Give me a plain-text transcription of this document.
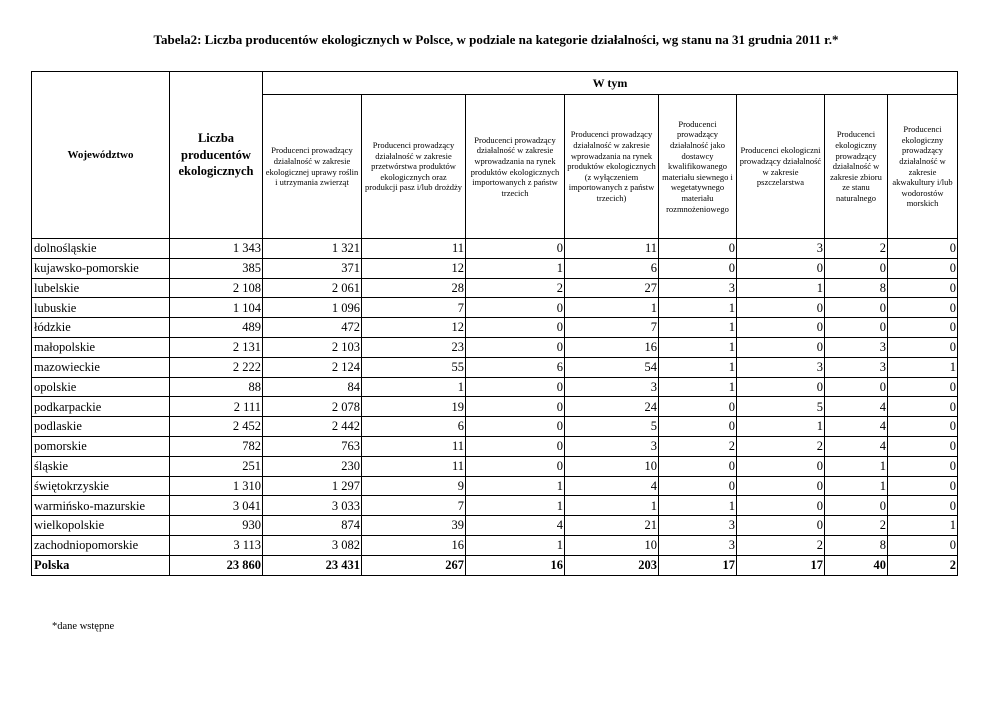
Tabela2: Liczba producentów ekologicznych w Polsce, w podziale na kategorie działalności, wg stanu na 31 grudnia 2011 r.*
Województwo	Liczba producentów ekologicznych	W tym							
		Producenci prowadzący działalność w zakresie ekologicznej uprawy roślin i utrzymania zwierząt	Producenci prowadzący działalność w zakresie przetwórstwa produktów ekologicznych oraz produkcji pasz i/lub drożdży	Producenci prowadzący działalność w zakresie wprowadzania na rynek produktów ekologicznych importowanych z państw trzecich	Producenci prowadzący działalność w zakresie wprowadzania na rynek produktów ekologicznych (z wyłączeniem importowanych z państw trzecich)	Producenci prowadzący działalność jako dostawcy kwalifikowanego materiału siewnego i wegetatywnego materiału rozmnożeniowego	Producenci ekologiczni prowadzący działalność w zakresie pszczelarstwa	Producenci ekologiczny prowadzący działalność w zakresie zbioru ze stanu naturalnego	Producenci ekologiczny prowadzący działalność w zakresie akwakultury i/lub wodorostów morskich
dolnośląskie	1 343	1 321	11	0	11	0	3	2	0
kujawsko-pomorskie	385	371	12	1	6	0	0	0	0
lubelskie	2 108	2 061	28	2	27	3	1	8	0
lubuskie	1 104	1 096	7	0	1	1	0	0	0
łódzkie	489	472	12	0	7	1	0	0	0
małopolskie	2 131	2 103	23	0	16	1	0	3	0
mazowieckie	2 222	2 124	55	6	54	1	3	3	1
opolskie	88	84	1	0	3	1	0	0	0
podkarpackie	2 111	2 078	19	0	24	0	5	4	0
podlaskie	2 452	2 442	6	0	5	0	1	4	0
pomorskie	782	763	11	0	3	2	2	4	0
śląskie	251	230	11	0	10	0	0	1	0
świętokrzyskie	1 310	1 297	9	1	4	0	0	1	0
warmińsko-mazurskie	3 041	3 033	7	1	1	1	0	0	0
wielkopolskie	930	874	39	4	21	3	0	2	1
zachodniopomorskie	3 113	3 082	16	1	10	3	2	8	0
Polska	23 860	23 431	267	16	203	17	17	40	2
*dane wstępne
